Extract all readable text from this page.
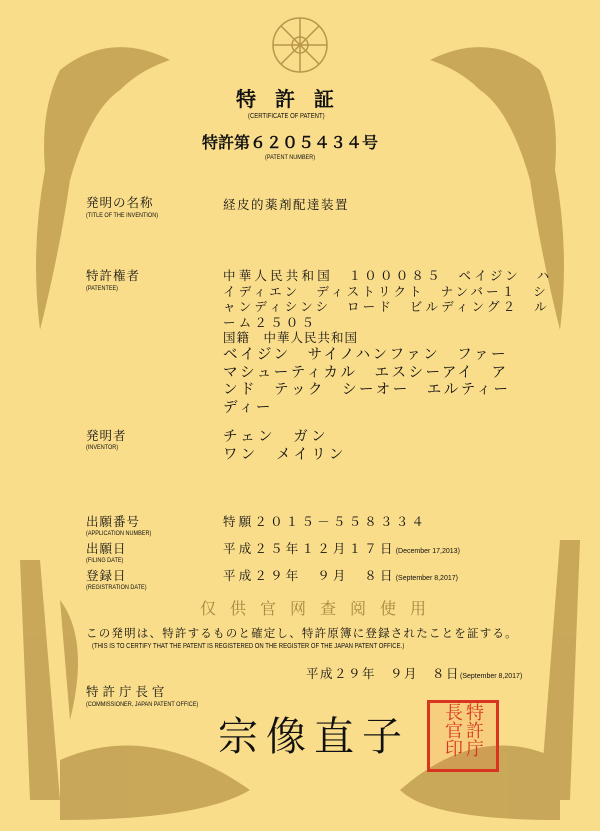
仅供官网查阅使用
特 許 証
(CERTIFICATE OF PATENT)
特許第６２０５４３４号
(PATENT NUMBER)
発明の名称
(TITLE OF THE INVENTION)
経皮的薬剤配達装置
特許権者
(PATENTEE)
中華人民共和国　１０００８５　ベイジン　ハ
イディエン　ディストリクト　ナンバー１　シ
ャンディシンシ　ロード　ビルディング２　ル
ーム２５０５
国籍　中華人民共和国
ベイジン　サイノハンファン　ファー
マシューティカル　エスシーアイ　ア
ンド　テック　シーオー　エルティー
ディー
発明者
(INVENTOR)
チェン　ガン
ワン　メイリン
出願番号
(APPLICATION NUMBER)
特願２０１５－５５８３３４
出願日
(FILING DATE)
平成２５年１２月１７日(December 17,2013)
登録日
(REGISTRATION DATE)
平成２９年　９月　８日(September 8,2017)
この発明は、特許するものと確定し、特許原簿に登録されたことを証する。
(THIS IS TO CERTIFY THAT THE PATENT IS REGISTERED ON THE REGISTER OF THE JAPAN PATENT OFFICE.)
平成２９年　９月　８日(September 8,2017)
特 許 庁 長 官
(COMMISSIONER, JAPAN PATENT OFFICE)
宗像直子	特許庁長官印
